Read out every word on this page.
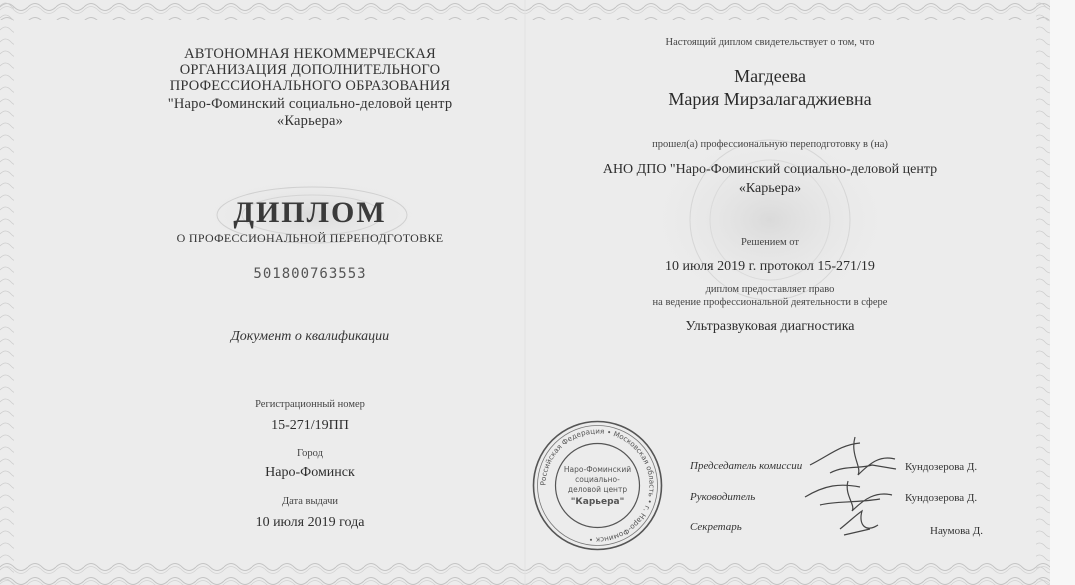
АВТОНОМНАЯ НЕКОММЕРЧЕСКАЯ
ОРГАНИЗАЦИЯ ДОПОЛНИТЕЛЬНОГО
ПРОФЕССИОНАЛЬНОГО ОБРАЗОВАНИЯ
"Наро-Фоминский социально-деловой центр
«Карьера»
ДИПЛОМ
О ПРОФЕССИОНАЛЬНОЙ ПЕРЕПОДГОТОВКЕ
501800763553
Документ о квалификации
Регистрационный номер
15-271/19ПП
Город
Наро-Фоминск
Дата выдачи
10 июля 2019 года
Настоящий диплом свидетельствует о том, что
Магдеева
Мария Мирзалагаджиевна
прошел(а) профессиональную переподготовку в (на)
АНО ДПО "Наро-Фоминский социально-деловой центр
«Карьера»
Решением от
10 июля 2019 г. протокол 15-271/19
диплом предоставляет право
на ведение профессиональной деятельности в сфере
Ультразвуковая диагностика
Председатель комиссии	Кундозерова Д.
Руководитель	Кундозерова Д.
Секретарь	Наумова Д.
Российская Федерация • Московская область • г. Наро-Фоминск •
Наро-Фоминский
социально-
деловой центр
"Карьера"
